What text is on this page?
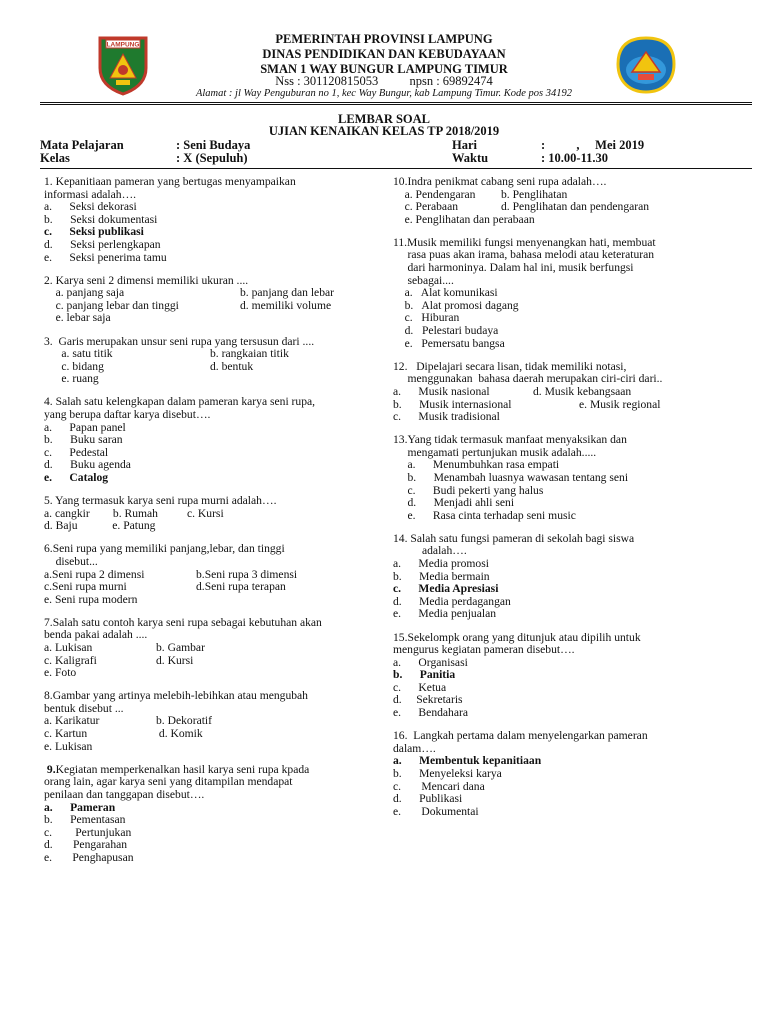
LAMPUNG	PEMERINTAH PROVINSI LAMPUNG
DINAS PENDIDIKAN DAN KEBUDAYAAN
SMAN 1 WAY BUNGUR LAMPUNG TIMUR
Nss : 301120815053          npsn : 69892474
Alamat : jl Way Penguburan no 1, kec Way Bungur, kab Lampung Timur. Kode pos 34192
LEMBAR SOAL
UJIAN KENAIKAN KELAS TP 2018/2019
Mata Pelajaran	: Seni Budaya
Kelas	: X (Sepuluh)
Hari	:          ,     Mei 2019
Waktu	: 10.00-11.30
1. Kepanitiaan pameran yang bertugas menyampaikan
informasi adalah….
a.      Seksi dekorasi
b.      Seksi dokumentasi
c.      Seksi publikasi
d.      Seksi perlengkapan
e.      Seksi penerima tamu
2. Karya seni 2 dimensi memiliki ukuran ....
a. panjang saja	b. panjang dan lebar
c. panjang lebar dan tinggi	d. memiliki volume
e. lebar saja
3.  Garis merupakan unsur seni rupa yang tersusun dari ....
a. satu titik	b. rangkaian titik
c. bidang	d. bentuk
e. ruang
4. Salah satu kelengkapan dalam pameran karya seni rupa,
yang berupa daftar karya disebut….
a.      Papan panel
b.      Buku saran
c.      Pedestal
d.      Buku agenda
e.      Catalog
5. Yang termasuk karya seni rupa murni adalah….
a. cangkir        b. Rumah          c. Kursi
d. Baju            e. Patung
6.Seni rupa yang memiliki panjang,lebar, dan tinggi
disebut...
a.Seni rupa 2 dimensi	b.Seni rupa 3 dimensi
c.Seni rupa murni	d.Seni rupa terapan
e. Seni rupa modern
7.Salah satu contoh karya seni rupa sebagai kebutuhan akan
benda pakai adalah ....
a. Lukisan	b. Gambar
c. Kaligrafi	d. Kursi
e. Foto
8.Gambar yang artinya melebih-lebihkan atau mengubah
bentuk disebut ...
a. Karikatur	b. Dekoratif
c. Kartun	d. Komik
e. Lukisan
9.Kegiatan memperkenalkan hasil karya seni rupa kpada
orang lain, agar karya seni yang ditampilan mendapat
penilaan dan tanggapan disebut….
a.      Pameran
b.      Pementasan
c.        Pertunjukan
d.       Pengarahan
e.       Penghapusan
10.Indra penikmat cabang seni rupa adalah….
a. Pendengaran	b. Penglihatan
c. Perabaan	d. Penglihatan dan pendengaran
e. Penglihatan dan perabaan
11.Musik memiliki fungsi menyenangkan hati, membuat
rasa puas akan irama, bahasa melodi atau keteraturan
dari harmoninya. Dalam hal ini, musik berfungsi
sebagai....
a.   Alat komunikasi
b.   Alat promosi dagang
c.   Hiburan
d.   Pelestari budaya
e.   Pemersatu bangsa
12.   Dipelajari secara lisan, tidak memiliki notasi,
menggunakan  bahasa daerah merupakan ciri-ciri dari..
a.      Musik nasional	d. Musik kebangsaan
b.      Musik internasional	e. Musik regional
c.      Musik tradisional
13.Yang tidak termasuk manfaat menyaksikan dan
mengamati pertunjukan musik adalah.....
a.      Menumbuhkan rasa empati
b.      Menambah luasnya wawasan tentang seni
c.      Budi pekerti yang halus
d.      Menjadi ahli seni
e.      Rasa cinta terhadap seni music
14. Salah satu fungsi pameran di sekolah bagi siswa
adalah….
a.      Media promosi
b.      Media bermain
c.      Media Apresiasi
d.      Media perdagangan
e.      Media penjualan
15.Sekelompk orang yang ditunjuk atau dipilih untuk
mengurus kegiatan pameran disebut….
a.      Organisasi
b.      Panitia
c.      Ketua
d.     Sekretaris
e.      Bendahara
16.  Langkah pertama dalam menyelengarkan pameran
dalam….
a.      Membentuk kepanitiaan
b.      Menyeleksi karya
c.       Mencari dana
d.      Publikasi
e.       Dokumentai
